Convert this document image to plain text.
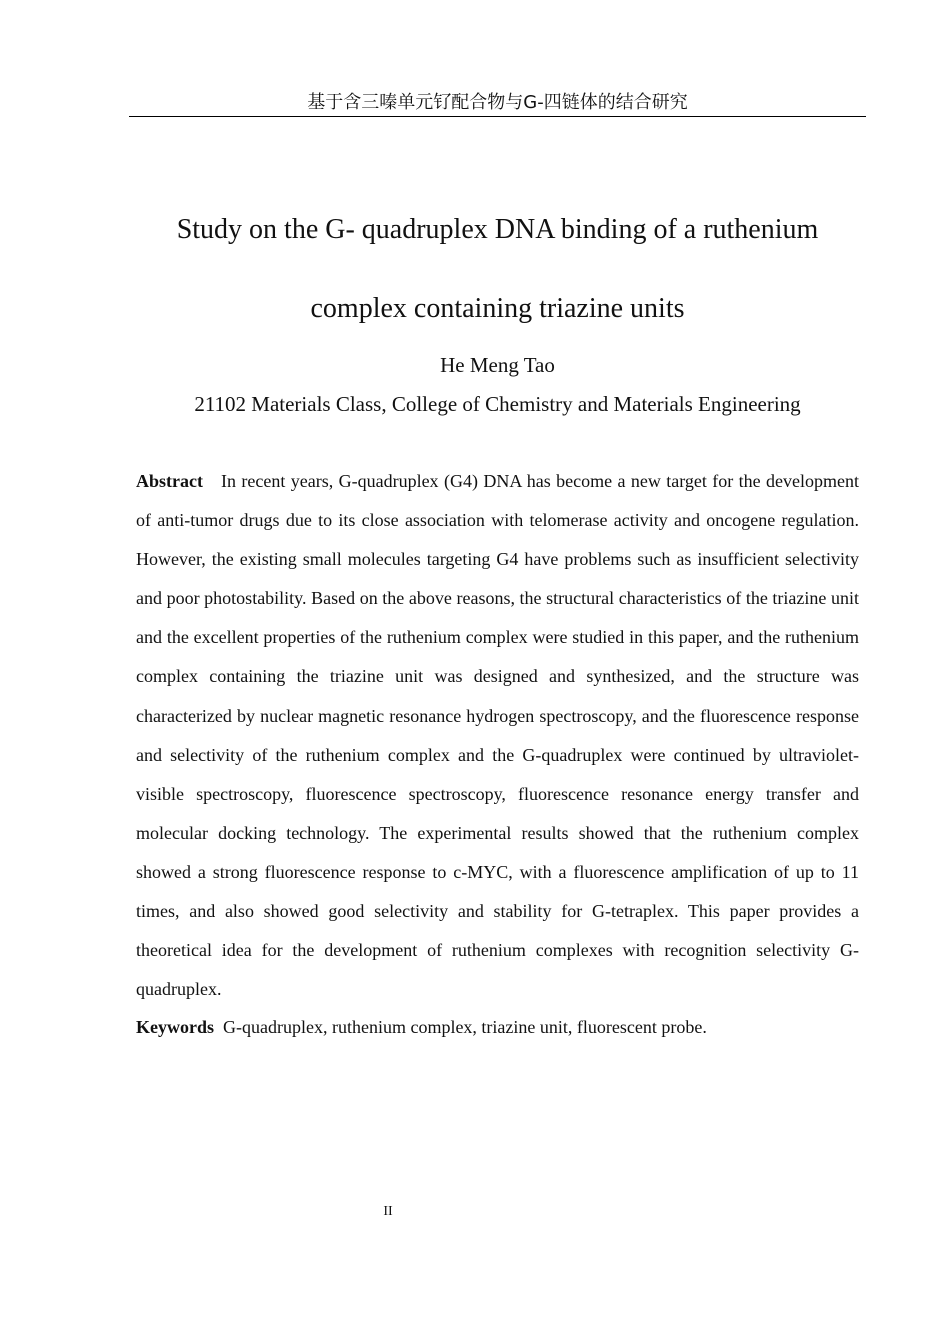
基于含三嗪单元钌配合物与G-四链体的结合研究
Study on the G- quadruplex DNA binding of a ruthenium
complex containing triazine units
He Meng Tao
21102 Materials Class, College of Chemistry and Materials Engineering

Abstract In recent years, G-quadruplex (G4) DNA has become a new target for the development of anti-tumor drugs due to its close association with telomerase activity and oncogene regulation. However, the existing small molecules targeting G4 have problems such as insufficient selectivity and poor photostability. Based on the above reasons, the structural characteristics of the triazine unit and the excellent properties of the ruthenium complex were studied in this paper, and the ruthenium complex containing the triazine unit was designed and synthesized, and the structure was characterized by nuclear magnetic resonance hydrogen spectroscopy, and the fluorescence response and selectivity of the ruthenium complex and the G-quadruplex were continued by ultraviolet-visible spectroscopy, fluorescence spectroscopy, fluorescence resonance energy transfer and molecular docking technology. The experimental results showed that the ruthenium complex showed a strong fluorescence response to c-MYC, with a fluorescence amplification of up to 11 times, and also showed good selectivity and stability for G-tetraplex. This paper provides a theoretical idea for the development of ruthenium complexes with recognition selectivity G-quadruplex.

Keywords G-quadruplex, ruthenium complex, triazine unit, fluorescent probe.

II
